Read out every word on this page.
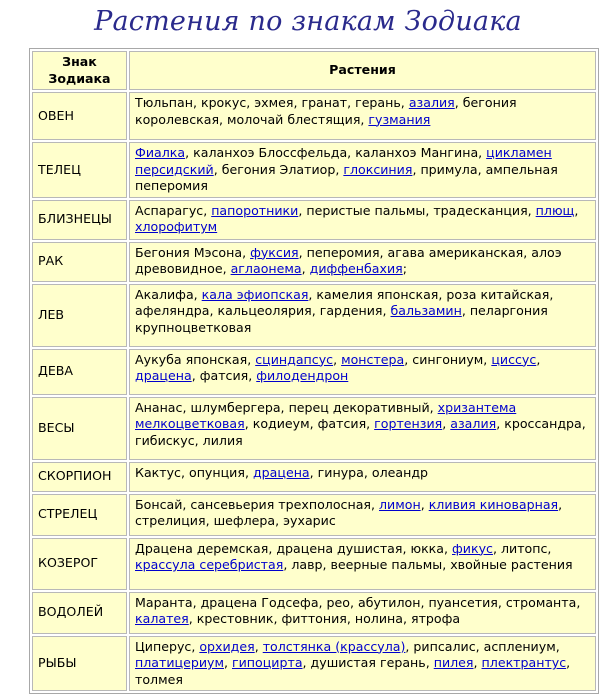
Растения по знакам Зодиака
Знак Зодиака	Растения
ОВЕН	Тюльпан, крокус, эхмея, гранат, герань, азалия, бегония королевская, молочай блестящия, гузмания
ТЕЛЕЦ	Фиалка, каланхоэ Блоссфельда, каланхоэ Мангина, цикламен персидский, бегония Элатиор, глоксиния, примула, ампельная пеперомия
БЛИЗНЕЦЫ	Аспарагус, папоротники, перистые пальмы, традесканция, плющ, хлорофитум
РАК	Бегония Мэсона, фуксия, пеперомия, агава американская, алоэ древовидное, аглаонема, диффенбахия;
ЛЕВ	Акалифа, кала эфиопская, камелия японская, роза китайская, афеляндра, кальцеолярия, гардения, бальзамин, пеларгония крупноцветковая
ДЕВА	Аукуба японская, сциндапсус, монстера, сингониум, циссус, драцена, фатсия, филодендрон
ВЕСЫ	Ананас, шлумбергера, перец декоративный, хризантема мелкоцветковая, кодиеум, фатсия, гортензия, азалия, кроссандра, гибискус, лилия
СКОРПИОН	Кактус, опунция, драцена, гинура, олеандр
СТРЕЛЕЦ	Бонсай, сансевьерия трехполосная, лимон, кливия киноварная, стрелиция, шефлера, эухарис
КОЗЕРОГ	Драцена деремская, драцена душистая, юкка, фикус, литопс, крассула серебристая, лавр, веерные пальмы, хвойные растения
ВОДОЛЕЙ	Маранта, драцена Годсефа, рео, абутилон, пуансетия, строманта, калатея, крестовник, фиттония, нолина, ятрофа
РЫБЫ	Циперус, орхидея, толстянка (крассула), рипсалис, асплениум, платицериум, гипоцирта, душистая герань, пилея, плектрантус, толмея
